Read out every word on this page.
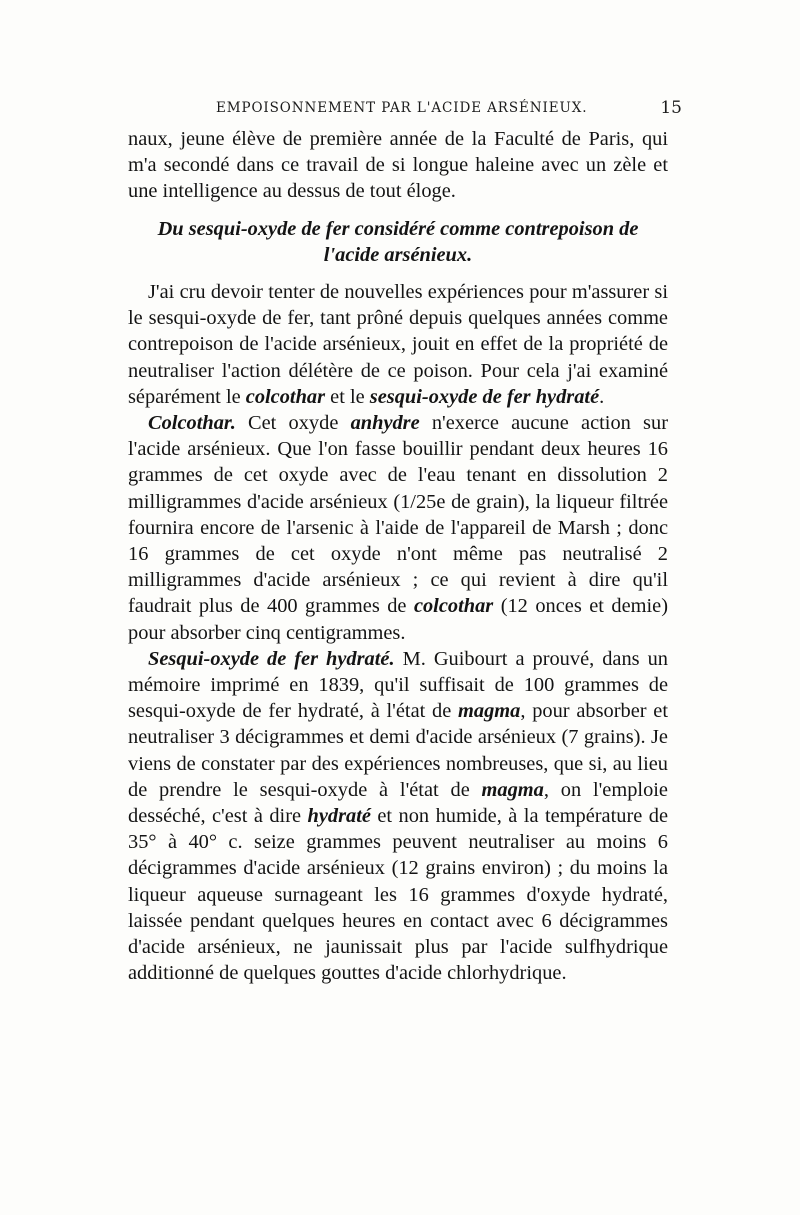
EMPOISONNEMENT PAR L'ACIDE ARSÉNIEUX.	15

naux, jeune élève de première année de la Faculté de Paris, qui m'a secondé dans ce travail de si longue haleine avec un zèle et une intelligence au dessus de tout éloge.

Du sesqui-oxyde de fer considéré comme contrepoison de
l'acide arsénieux.

J'ai cru devoir tenter de nouvelles expériences pour m'assurer si le sesqui-oxyde de fer, tant prôné depuis quelques années comme contrepoison de l'acide arsénieux, jouit en effet de la propriété de neutraliser l'action délétère de ce poison. Pour cela j'ai examiné séparément le colcothar et le sesqui-oxyde de fer hydraté.

Colcothar. Cet oxyde anhydre n'exerce aucune action sur l'acide arsénieux. Que l'on fasse bouillir pendant deux heures 16 grammes de cet oxyde avec de l'eau tenant en dissolution 2 milligrammes d'acide arsénieux (1/25e de grain), la liqueur filtrée fournira encore de l'arsenic à l'aide de l'appareil de Marsh ; donc 16 grammes de cet oxyde n'ont même pas neutralisé 2 milligrammes d'acide arsénieux ; ce qui revient à dire qu'il faudrait plus de 400 grammes de colcothar (12 onces et demie) pour absorber cinq centigrammes.

Sesqui-oxyde de fer hydraté. M. Guibourt a prouvé, dans un mémoire imprimé en 1839, qu'il suffisait de 100 grammes de sesqui-oxyde de fer hydraté, à l'état de magma, pour absorber et neutraliser 3 décigrammes et demi d'acide arsénieux (7 grains). Je viens de constater par des expériences nombreuses, que si, au lieu de prendre le sesqui-oxyde à l'état de magma, on l'emploie desséché, c'est à dire hydraté et non humide, à la température de 35° à 40° c. seize grammes peuvent neutraliser au moins 6 décigrammes d'acide arsénieux (12 grains environ) ; du moins la liqueur aqueuse surnageant les 16 grammes d'oxyde hydraté, laissée pendant quelques heures en contact avec 6 décigrammes d'acide arsénieux, ne jaunissait plus par l'acide sulfhydrique additionné de quelques gouttes d'acide chlorhydrique.
